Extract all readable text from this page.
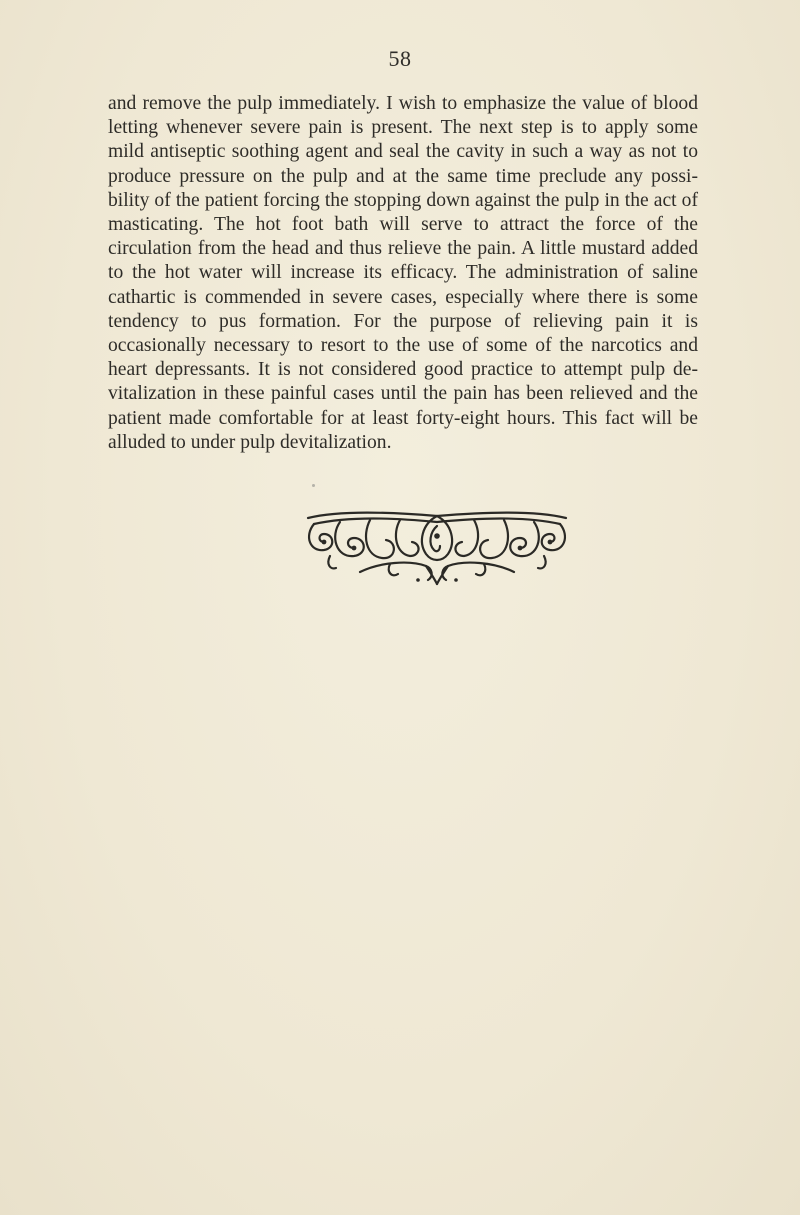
58

and remove the pulp immediately. I wish to emphasize the value of blood letting whenever severe pain is present. The next step is to apply some mild antiseptic soothing agent and seal the cavity in such a way as not to produce pressure on the pulp and at the same time preclude any possi- bility of the patient forcing the stopping down against the pulp in the act of masticating. The hot foot bath will serve to attract the force of the circulation from the head and thus relieve the pain. A little mustard added to the hot water will increase its efficacy. The administration of saline cathartic is commended in severe cases, especially where there is some tendency to pus formation. For the purpose of relieving pain it is occasionally necessary to resort to the use of some of the narcotics and heart depressants. It is not considered good practice to attempt pulp de- vitalization in these painful cases until the pain has been relieved and the patient made comfortable for at least forty-eight hours. This fact will be alluded to under pulp devitalization.
